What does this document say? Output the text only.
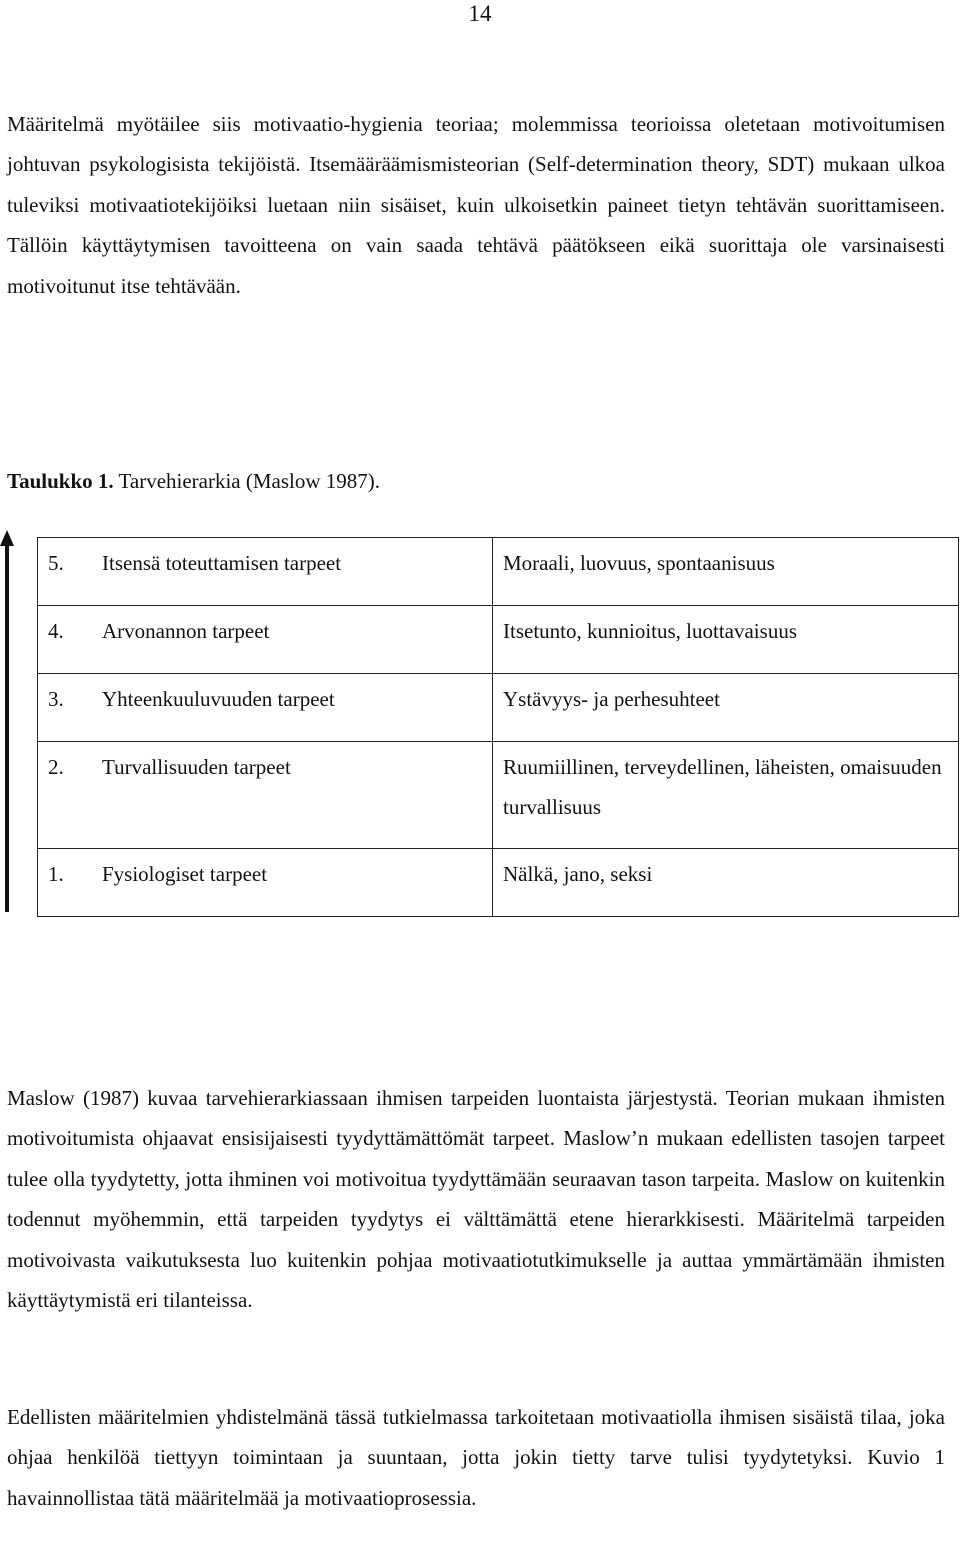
14

Määritelmä myötäilee siis motivaatio-hygienia teoriaa; molemmissa teorioissa oletetaan motivoitumisen johtuvan psykologisista tekijöistä. Itsemääräämismisteorian (Self-determination theory, SDT) mukaan ulkoa tuleviksi motivaatiotekijöiksi luetaan niin sisäiset, kuin ulkoisetkin paineet tietyn tehtävän suorittamiseen. Tällöin käyttäytymisen tavoitteena on vain saada tehtävä päätökseen eikä suorittaja ole varsinaisesti motivoitunut itse tehtävään.

Taulukko 1. Tarvehierarkia (Maslow 1987).

5.	Itsensä toteuttamisen tarpeet	Moraali, luovuus, spontaanisuus
4.	Arvonannon tarpeet	Itsetunto, kunnioitus, luottavaisuus
3.	Yhteenkuuluvuuden tarpeet	Ystävyys- ja perhesuhteet
2.	Turvallisuuden tarpeet	Ruumiillinen, terveydellinen, läheisten, omaisuuden turvallisuus
1.	Fysiologiset tarpeet	Nälkä, jano, seksi

Maslow (1987) kuvaa tarvehierarkiassaan ihmisen tarpeiden luontaista järjestystä. Teorian mukaan ihmisten motivoitumista ohjaavat ensisijaisesti tyydyttämättömät tarpeet. Maslow’n mukaan edellisten tasojen tarpeet tulee olla tyydytetty, jotta ihminen voi motivoitua tyydyttämään seuraavan tason tarpeita. Maslow on kuitenkin todennut myöhemmin, että tarpeiden tyydytys ei välttämättä etene hierarkkisesti. Määritelmä tarpeiden motivoivasta vaikutuksesta luo kuitenkin pohjaa motivaatiotutkimukselle ja auttaa ymmärtämään ihmisten käyttäytymistä eri tilanteissa.

Edellisten määritelmien yhdistelmänä tässä tutkielmassa tarkoitetaan motivaatiolla ihmisen sisäistä tilaa, joka ohjaa henkilöä tiettyyn toimintaan ja suuntaan, jotta jokin tietty tarve tulisi tyydytetyksi. Kuvio 1 havainnollistaa tätä määritelmää ja motivaatioprosessia.
